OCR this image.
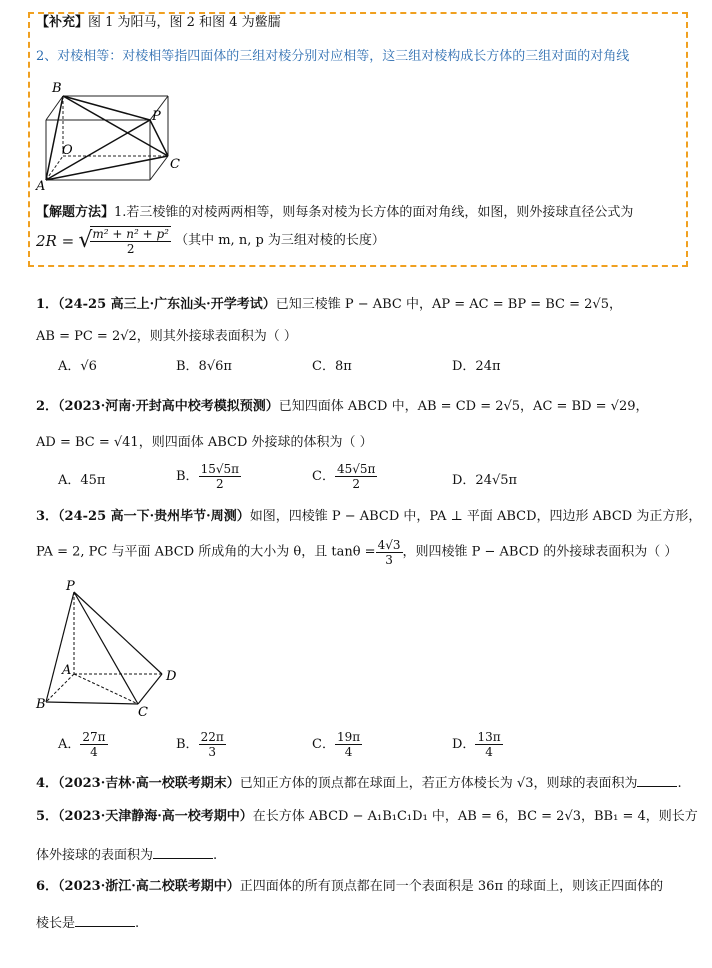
【补充】图 1 为阳马，图 2 和图 4 为鳖臑
2、对棱相等：对棱相等指四面体的三组对棱分别对应相等，这三组对棱构成长方体的三组对面的对角线
B
P
O
C
A
【解题方法】1.若三棱锥的对棱两两相等，则每条对棱为长方体的面对角线，如图，则外接球直径公式为
2R = √
$\frac{\text{m² + n² + p²}}{2}$ （其中 m, n, p 为三组对棱的长度）
1．（24-25 高三上·广东汕头·开学考试）已知三棱锥 P − ABC 中，AP = AC = BP = BC = 2√5，
AB = PC = 2√2，则其外接球表面积为（ ）
A．√6	B．8√6π	C．8π	D．24π
2．（2023·河南·开封高中校考模拟预测）已知四面体 ABCD 中，AB = CD = 2√5，AC = BD = √29，
AD = BC = √41，则四面体 ABCD 外接球的体积为（ ）
A．45π	B． $\frac{15√5\pi}{2}$	C． $\frac{45√5\pi}{2}$	D．24√5π
3．（24-25 高一下·贵州毕节·周测）如图，四棱锥 P − ABCD 中，PA ⊥ 平面 ABCD，四边形 ABCD 为正方形，
PA = 2, PC 与平面 ABCD 所成角的大小为 θ，且 $\tan\theta = \frac{4√3}{3}$ ，则四棱锥 P − ABCD 的外接球表面积为（ ）
P
A
B
C
D
A． $\frac{27\pi}{4}$	B． $\frac{22\pi}{3}$	C． $\frac{19\pi}{4}$	D． $\frac{13\pi}{4}$
4．（2023·吉林·高一校联考期末）已知正方体的顶点都在球面上，若正方体棱长为 √3，则球的表面积为	.
5．（2023·天津静海·高一校考期中）在长方体 ABCD − A₁B₁C₁D₁ 中，AB = 6，BC = 2√3，BB₁ = 4，则长方
体外接球的表面积为	.
6．（2023·浙江·高二校联考期中）正四面体的所有顶点都在同一个表面积是 36π 的球面上，则该正四面体的
棱长是	.
